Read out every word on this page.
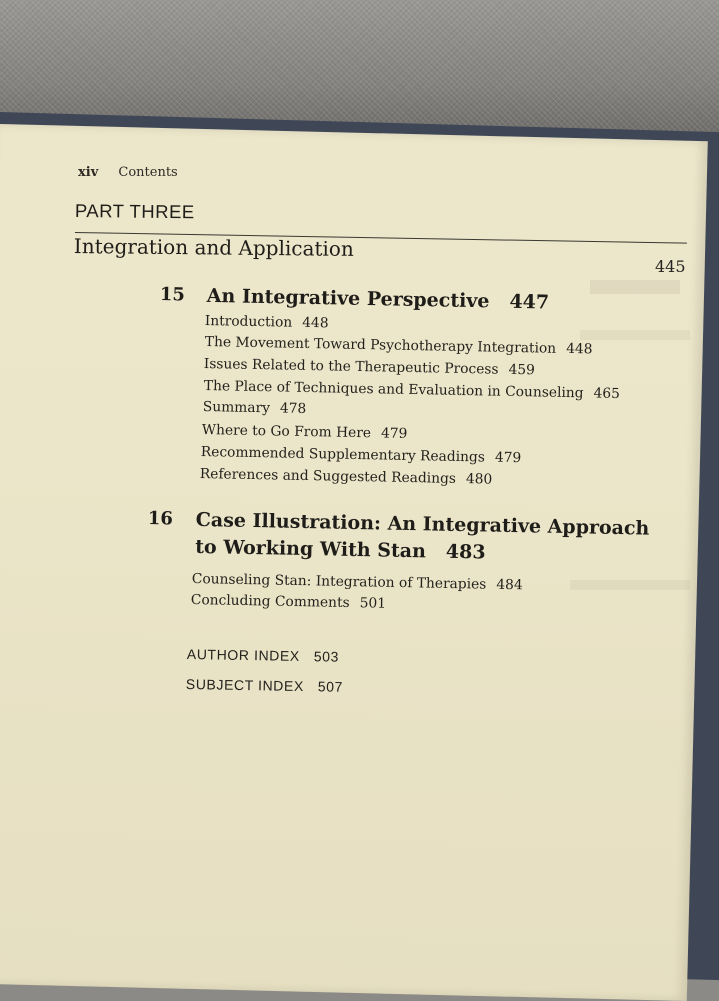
xiv Contents
PART THREE
Integration and Application
445
15 An Integrative Perspective 447
Introduction 448
The Movement Toward Psychotherapy Integration 448
Issues Related to the Therapeutic Process 459
The Place of Techniques and Evaluation in Counseling 465
Summary 478
Where to Go From Here 479
Recommended Supplementary Readings 479
References and Suggested Readings 480
16 Case Illustration: An Integrative Approach
to Working With Stan 483
Counseling Stan: Integration of Therapies 484
Concluding Comments 501
AUTHOR INDEX 503
SUBJECT INDEX 507
